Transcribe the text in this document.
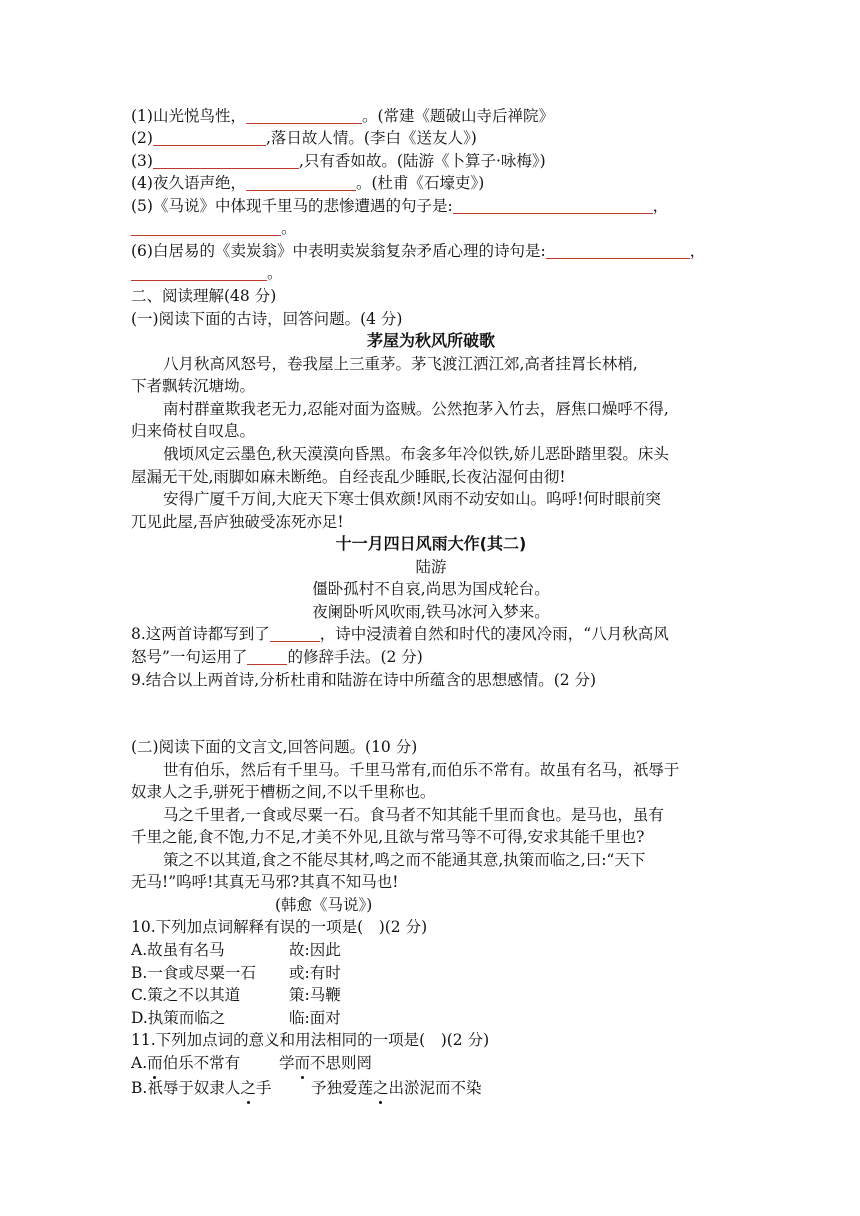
(1)山光悦鸟性，	。(常建《题破山寺后禅院》
(2)	,落日故人情。(李白《送友人》)
(3)	,只有香如故。(陆游《卜算子·咏梅》)
(4)夜久语声绝，	。(杜甫《石壕吏》)
(5)《马说》中体现千里马的悲惨遭遇的句子是:	，
。
(6)白居易的《卖炭翁》中表明卖炭翁复杂矛盾心理的诗句是:	，
。
二、阅读理解(48 分)
(一)阅读下面的古诗，回答问题。(4 分)
茅屋为秋风所破歌
八月秋高风怒号，卷我屋上三重茅。茅飞渡江洒江郊,高者挂罥长林梢,
下者飘转沉塘坳。
南村群童欺我老无力,忍能对面为盗贼。公然抱茅入竹去，唇焦口燥呼不得,
归来倚杖自叹息。
俄顷风定云墨色,秋天漠漠向昏黑。布衾多年冷似铁,娇儿恶卧踏里裂。床头
屋漏无干处,雨脚如麻未断绝。自经丧乱少睡眠,长夜沾湿何由彻!
安得广厦千万间,大庇天下寒士俱欢颜!风雨不动安如山。呜呼!何时眼前突
兀见此屋,吾庐独破受冻死亦足!
十一月四日风雨大作(其二)
陆游
僵卧孤村不自哀,尚思为国戍轮台。
夜阑卧听风吹雨,铁马冰河入梦来。
8.这两首诗都写到了	，诗中浸渍着自然和时代的凄风冷雨，“八月秋高风
怒号”一句运用了	的修辞手法。(2 分)
9.结合以上两首诗,分析杜甫和陆游在诗中所蕴含的思想感情。(2 分)
(二)阅读下面的文言文,回答问题。(10 分)
世有伯乐，然后有千里马。千里马常有,而伯乐不常有。故虽有名马，祇辱于
奴隶人之手,骈死于槽枥之间,不以千里称也。
马之千里者,一食或尽粟一石。食马者不知其能千里而食也。是马也，虽有
千里之能,食不饱,力不足,才美不外见,且欲与常马等不可得,安求其能千里也?
策之不以其道,食之不能尽其材,鸣之而不能通其意,执策而临之,曰:“天下
无马!”呜呼!其真无马邪?其真不知马也!
(韩愈《马说》)
10.下列加点词解释有误的一项是(　)(2 分)
A.故虽有名马	故:因此
B.一食或尽粟一石 或:有时
C.策之不以其道	策:马鞭
D.执策而临之	临:面对
11.下列加点词的意义和用法相同的一项是(　)(2 分)
A.而伯乐不常有	学而不思则罔
B.祇辱于奴隶人之手	予独爱莲之出淤泥而不染
